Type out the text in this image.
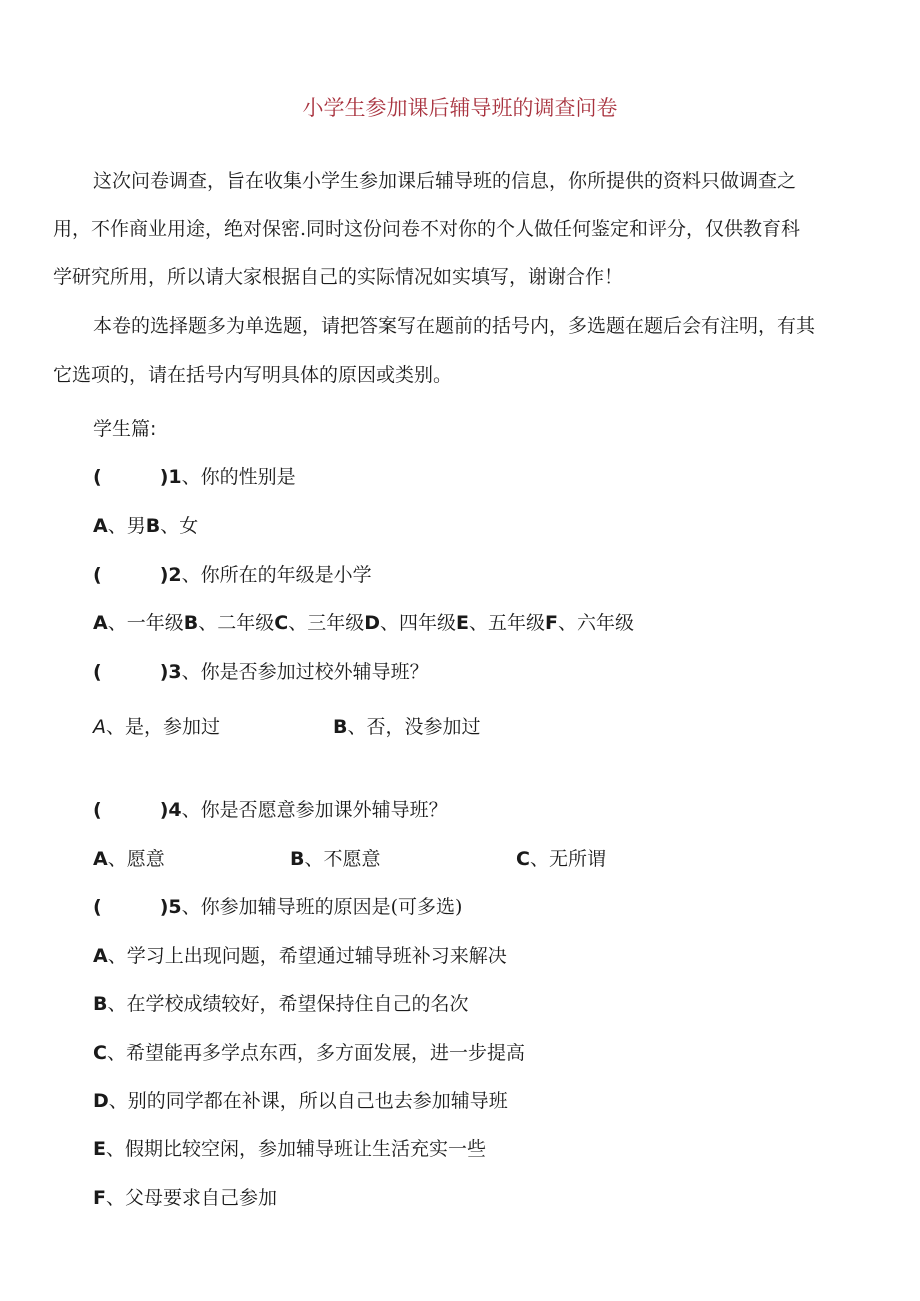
小学生参加课后辅导班的调查问卷
这次问卷调查，旨在收集小学生参加课后辅导班的信息，你所提供的资料只做调查之
用，不作商业用途，绝对保密.同时这份问卷不对你的个人做任何鉴定和评分，仅供教育科
学研究所用，所以请大家根据自己的实际情况如实填写，谢谢合作！
本卷的选择题多为单选题，请把答案写在题前的括号内，多选题在题后会有注明，有其
它选项的，请在括号内写明具体的原因或类别。
学生篇:
(	)1、你的性别是
A、男B、女
(	)2、你所在的年级是小学
A、一年级B、二年级C、三年级D、四年级E、五年级F、六年级
(	)3、你是否参加过校外辅导班？
A、是，参加过	B、否，没参加过
(	)4、你是否愿意参加课外辅导班？
A、愿意	B、不愿意	C、无所谓
(	)5、你参加辅导班的原因是(可多选)
A、学习上出现问题，希望通过辅导班补习来解决
B、在学校成绩较好，希望保持住自己的名次
C、希望能再多学点东西，多方面发展，进一步提高
D、别的同学都在补课，所以自己也去参加辅导班
E、假期比较空闲，参加辅导班让生活充实一些
F、父母要求自己参加
